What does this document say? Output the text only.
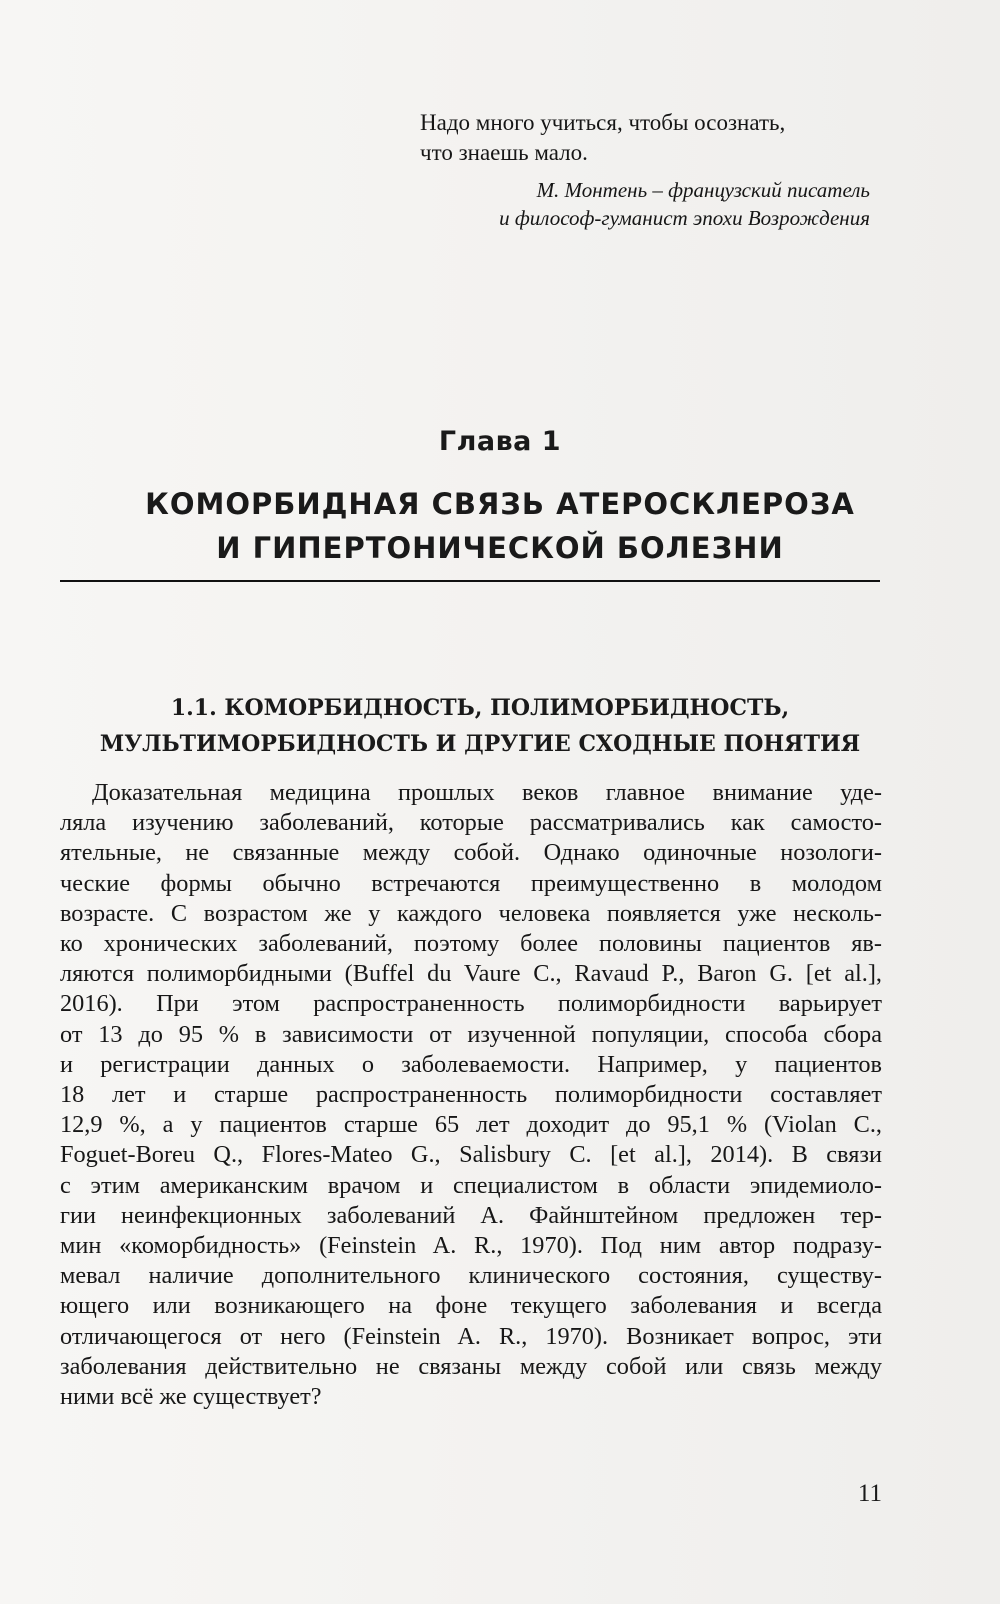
Надо много учиться, чтобы осознать,
что знаешь мало.

М. Монтень – французский писатель
и философ-гуманист эпохи Возрождения
Глава 1
КОМОРБИДНАЯ СВЯЗЬ АТЕРОСКЛЕРОЗА
И ГИПЕРТОНИЧЕСКОЙ БОЛЕЗНИ
1.1. КОМОРБИДНОСТЬ, ПОЛИМОРБИДНОСТЬ,
МУЛЬТИМОРБИДНОСТЬ И ДРУГИЕ СХОДНЫЕ ПОНЯТИЯ
Доказательная медицина прошлых веков главное внимание уде-
ляла изучению заболеваний, которые рассматривались как самосто-
ятельные, не связанные между собой. Однако одиночные нозологи-
ческие формы обычно встречаются преимущественно в молодом
возрасте. С возрастом же у каждого человека появляется уже несколь-
ко хронических заболеваний, поэтому более половины пациентов яв-
ляются полиморбидными (Buffel du Vaure C., Ravaud P., Baron G. [et al.],
2016). При этом распространенность полиморбидности варьирует
от 13 до 95 % в зависимости от изученной популяции, способа сбора
и регистрации данных о заболеваемости. Например, у пациентов
18 лет и старше распространенность полиморбидности составляет
12,9 %, а у пациентов старше 65 лет доходит до 95,1 % (Violan C.,
Foguet-Boreu Q., Flores-Mateo G., Salisbury C. [et al.], 2014). В связи
с этим американским врачом и специалистом в области эпидемиоло-
гии неинфекционных заболеваний А. Файнштейном предложен тер-
мин «коморбидность» (Feinstein A. R., 1970). Под ним автор подразу-
мевал наличие дополнительного клинического состояния, существу-
ющего или возникающего на фоне текущего заболевания и всегда
отличающегося от него (Feinstein A. R., 1970). Возникает вопрос, эти
заболевания действительно не связаны между собой или связь между
ними всё же существует?
11
